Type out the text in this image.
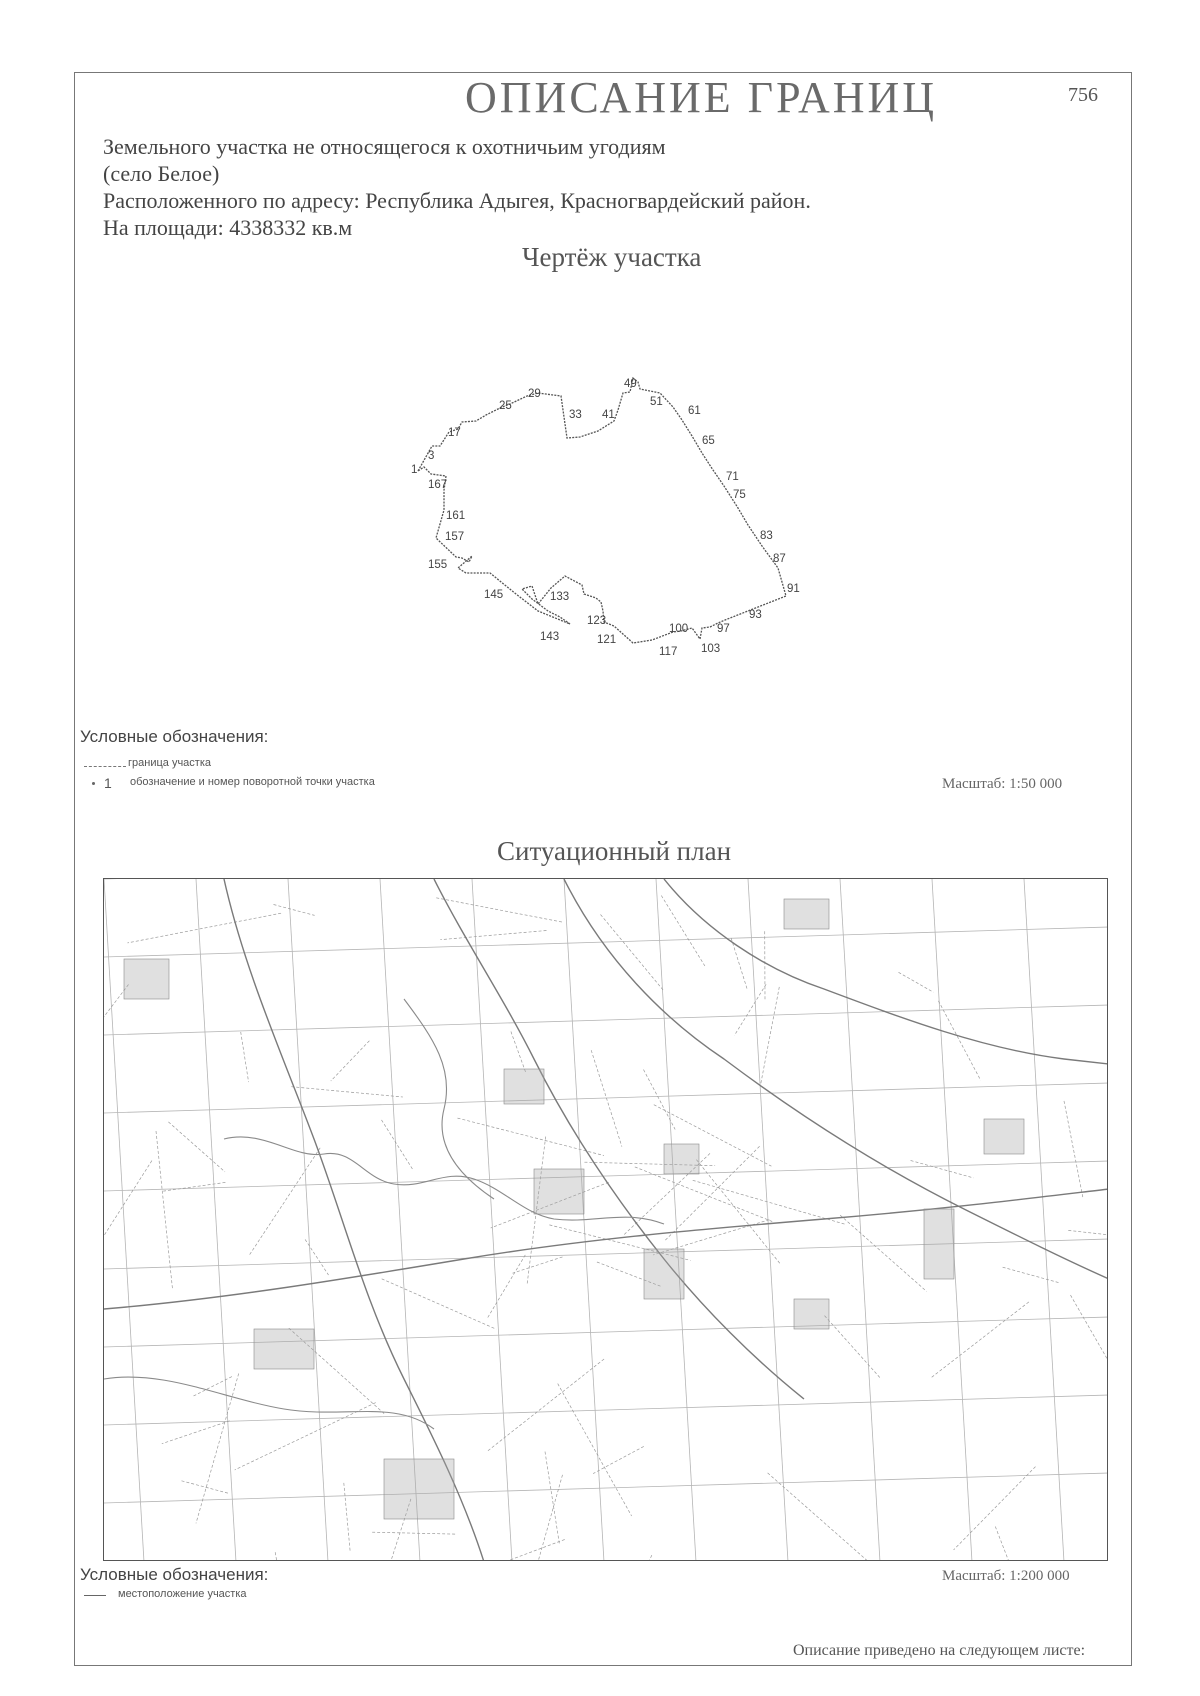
ОПИСАНИЕ ГРАНИЦ	756
Земельного участка не относящегося к охотничьим угодиям
(село Белое)
Расположенного по адресу: Республика Адыгея, Красногвардейский район.
На площади: 4338332 кв.м
Чертёж участка
1
3
17
25
29
33 41
49
51
61
65
71
75
83
87
91
93
97
100
103
117
121
123
133
143
145
155
157
161
167
Условные обозначения:
граница участка
1 обозначение и номер поворотной точки участка	Масштаб: 1:50 000
Ситуационный план
Условные обозначения:
местоположение участка
Масштаб: 1:200 000
Описание приведено на следующем листе:
